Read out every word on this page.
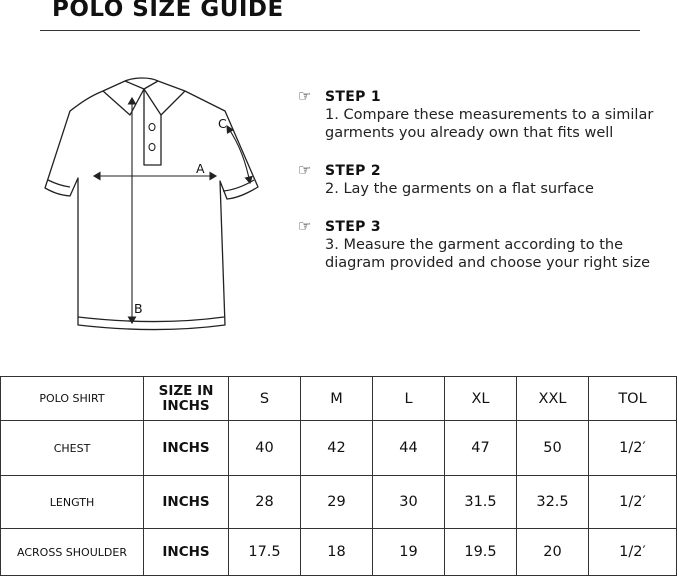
POLO SIZE GUIDE
A
B
C
☞ STEP 1
1. Compare these measurements to a similar garments you already own that fits well
☞ STEP 2
2. Lay the garments on a flat surface
☞ STEP 3
3. Measure the garment according to the diagram provided and choose your right size
POLO SHIRT	SIZE IN INCHS	S	M	L	XL	XXL	TOL
CHEST	INCHS	40	42	44	47	50	1/2′
LENGTH	INCHS	28	29	30	31.5	32.5	1/2′
ACROSS SHOULDER	INCHS	17.5	18	19	19.5	20	1/2′
